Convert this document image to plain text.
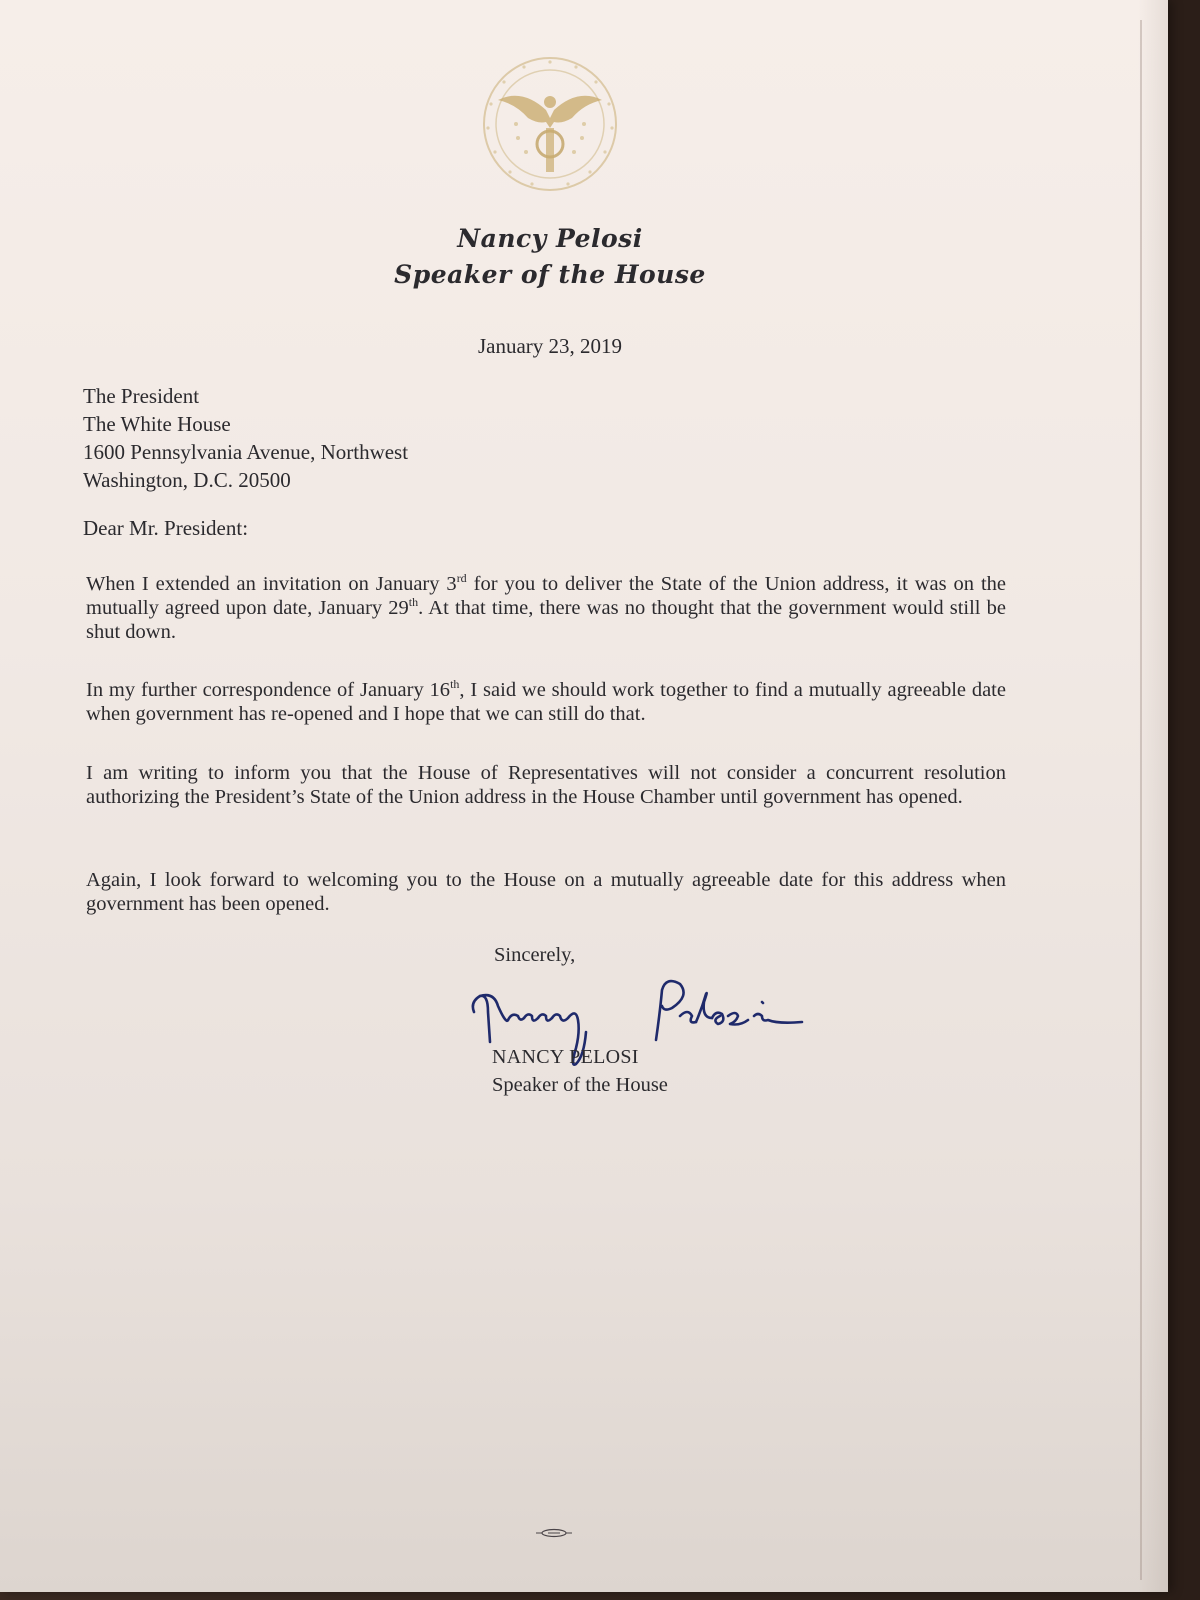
Nancy Pelosi
Speaker of the House
January 23, 2019
The President
The White House
1600 Pennsylvania Avenue, Northwest
Washington, D.C. 20500
Dear Mr. President:
When I extended an invitation on January 3rd for you to deliver the State of the Union address, it was on the mutually agreed upon date, January 29th. At that time, there was no thought that the government would still be shut down.
In my further correspondence of January 16th, I said we should work together to find a mutually agreeable date when government has re-opened and I hope that we can still do that.
I am writing to inform you that the House of Representatives will not consider a concurrent resolution authorizing the President’s State of the Union address in the House Chamber until government has opened.
Again, I look forward to welcoming you to the House on a mutually agreeable date for this address when government has been opened.
Sincerely,
NANCY PELOSI
Speaker of the House
